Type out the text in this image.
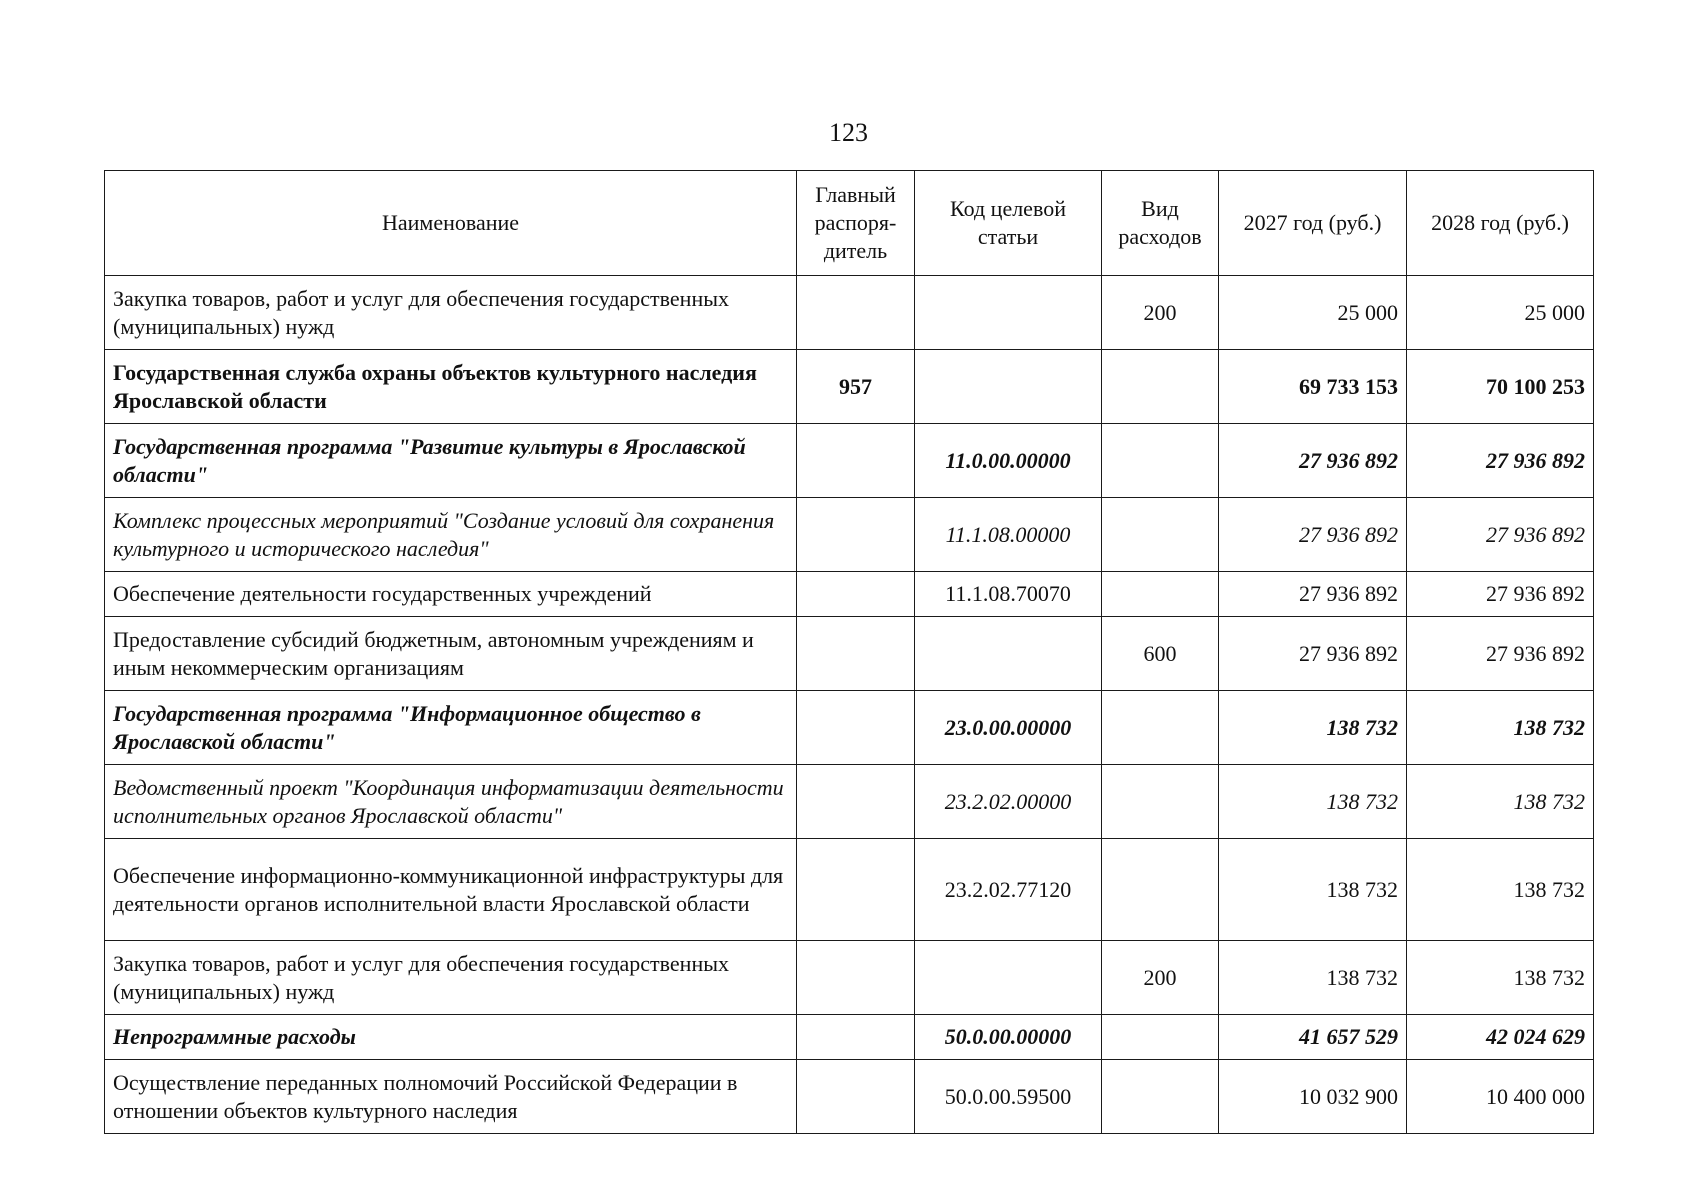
123
Наименование	Главный распоря-дитель	Код целевой статьи	Вид расходов	2027 год (руб.)	2028 год (руб.)
Закупка товаров, работ и услуг для обеспечения государственных (муниципальных) нужд			200	25 000	25 000
Государственная служба охраны объектов культурного наследия Ярославской области	957			69 733 153	70 100 253
Государственная программа "Развитие культуры в Ярославской области"		11.0.00.00000		27 936 892	27 936 892
Комплекс процессных мероприятий "Создание условий для сохранения культурного и исторического наследия"		11.1.08.00000		27 936 892	27 936 892
Обеспечение деятельности государственных учреждений		11.1.08.70070		27 936 892	27 936 892
Предоставление субсидий бюджетным, автономным учреждениям и иным некоммерческим организациям			600	27 936 892	27 936 892
Государственная программа "Информационное общество в Ярославской области"		23.0.00.00000		138 732	138 732
Ведомственный проект "Координация информатизации деятельности исполнительных органов Ярославской области"		23.2.02.00000		138 732	138 732
Обеспечение информационно-коммуникационной инфраструктуры для деятельности органов исполнительной власти Ярославской области		23.2.02.77120		138 732	138 732
Закупка товаров, работ и услуг для обеспечения государственных (муниципальных) нужд			200	138 732	138 732
Непрограммные расходы		50.0.00.00000		41 657 529	42 024 629
Осуществление переданных полномочий Российской Федерации в отношении объектов культурного наследия		50.0.00.59500		10 032 900	10 400 000
